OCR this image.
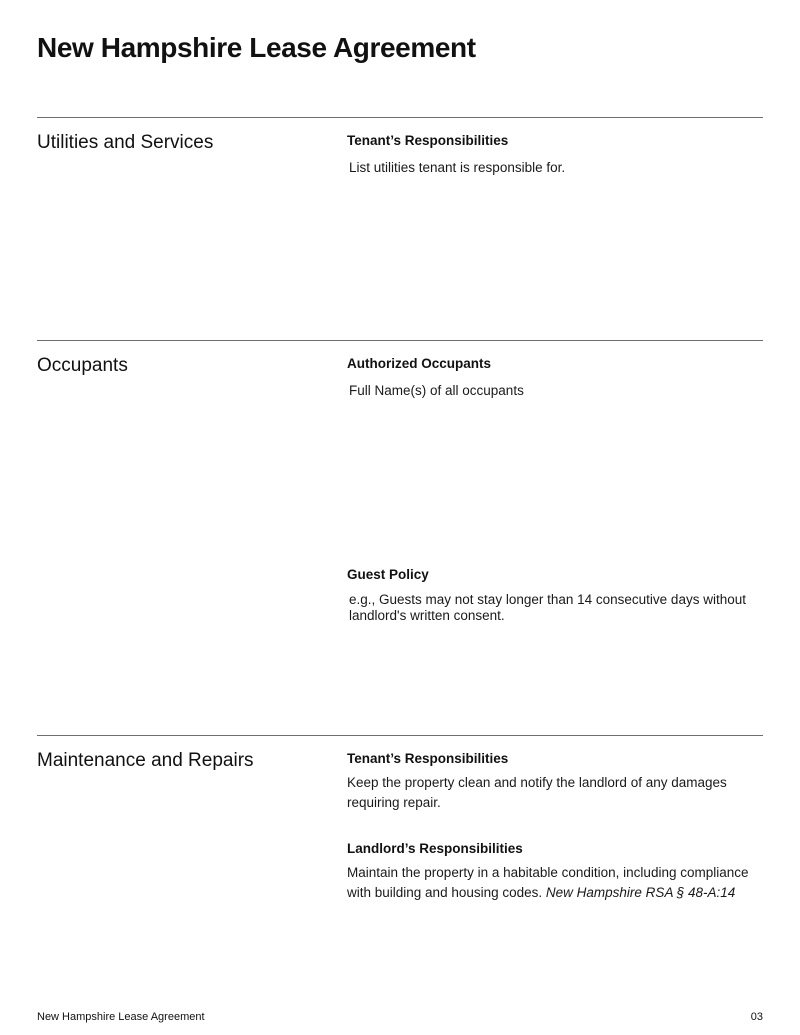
New Hampshire Lease Agreement
Utilities and Services	Tenant’s Responsibilities
List utilities tenant is responsible for.
Occupants	Authorized Occupants
Full Name(s) of all occupants
Guest Policy
e.g., Guests may not stay longer than 14 consecutive days without landlord's written consent.
Maintenance and Repairs	Tenant’s Responsibilities
Keep the property clean and notify the landlord of any damages requiring repair.
Landlord’s Responsibilities
Maintain the property in a habitable condition, including compliance with building and housing codes. New Hampshire RSA § 48-A:14
New Hampshire Lease Agreement	03
